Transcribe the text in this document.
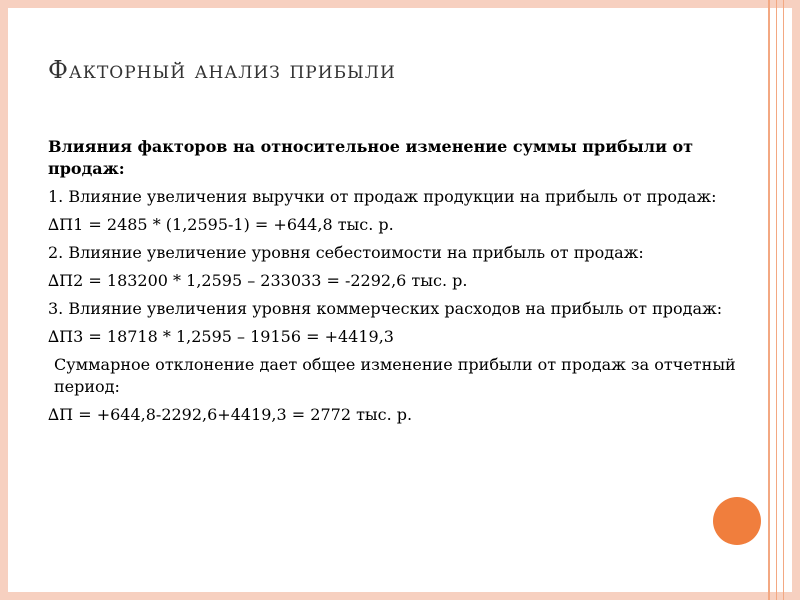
Факторный анализ прибыли

Влияния факторов на относительное изменение суммы прибыли от продаж:

1. Влияние увеличения выручки от продаж продукции на прибыль от продаж:

∆П1 = 2485 * (1,2595-1) = +644,8 тыс. р.

2. Влияние увеличение уровня себестоимости на прибыль от продаж:

∆П2 = 183200 * 1,2595 – 233033 = -2292,6 тыс. р.

3. Влияние увеличения уровня коммерческих расходов на прибыль от продаж:

∆П3 = 18718 * 1,2595 – 19156 = +4419,3

Суммарное отклонение дает общее изменение прибыли от продаж за отчетный период:

∆П = +644,8-2292,6+4419,3 = 2772 тыс. р.
